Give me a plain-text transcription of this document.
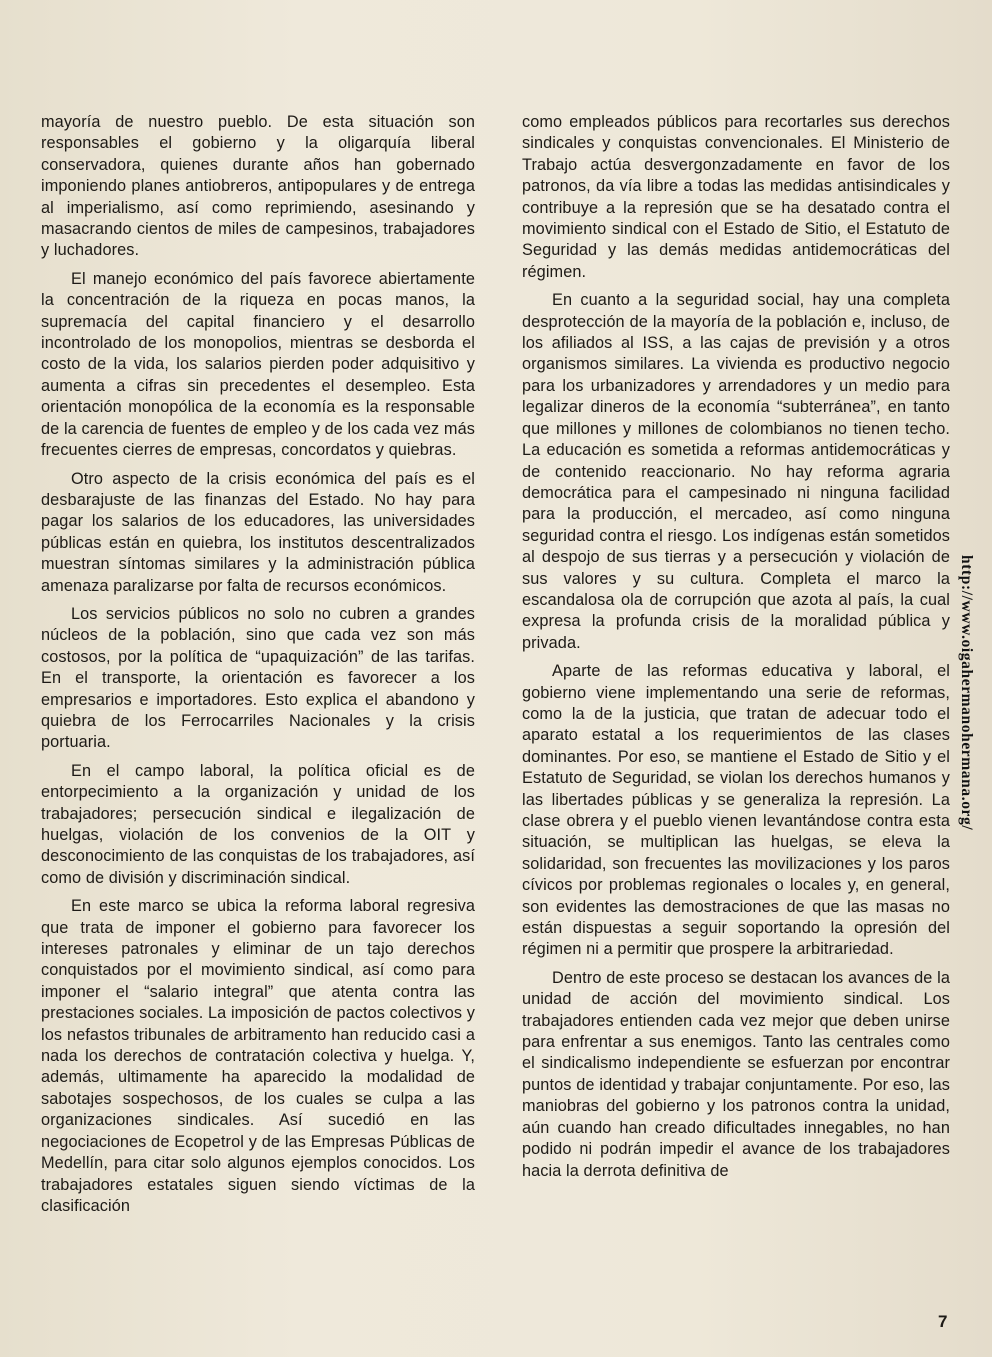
mayoría de nuestro pueblo. De esta situación son responsables el gobierno y la oligarquía liberal conservadora, quienes durante años han gobernado imponiendo planes antiobreros, antipopulares y de entrega al imperialismo, así como reprimiendo, asesinando y masacrando cientos de miles de campesinos, trabajadores y luchadores.

El manejo económico del país favorece abiertamente la concentración de la riqueza en pocas manos, la supremacía del capital financiero y el desarrollo incontrolado de los monopolios, mientras se desborda el costo de la vida, los salarios pierden poder adquisitivo y aumenta a cifras sin precedentes el desempleo. Esta orientación monopólica de la economía es la responsable de la carencia de fuentes de empleo y de los cada vez más frecuentes cierres de empresas, concordatos y quiebras.

Otro aspecto de la crisis económica del país es el desbarajuste de las finanzas del Estado. No hay para pagar los salarios de los educadores, las universidades públicas están en quiebra, los institutos descentralizados muestran síntomas similares y la administración pública amenaza paralizarse por falta de recursos económicos.

Los servicios públicos no solo no cubren a grandes núcleos de la población, sino que cada vez son más costosos, por la política de “upaquización” de las tarifas. En el transporte, la orientación es favorecer a los empresarios e importadores. Esto explica el abandono y quiebra de los Ferrocarriles Nacionales y la crisis portuaria.

En el campo laboral, la política oficial es de entorpecimiento a la organización y unidad de los trabajadores; persecución sindical e ilegalización de huelgas, violación de los convenios de la OIT y desconocimiento de las conquistas de los trabajadores, así como de división y discriminación sindical.

En este marco se ubica la reforma laboral regresiva que trata de imponer el gobierno para favorecer los intereses patronales y eliminar de un tajo derechos conquistados por el movimiento sindical, así como para imponer el “salario integral” que atenta contra las prestaciones sociales. La imposición de pactos colectivos y los nefastos tribunales de arbitramento han reducido casi a nada los derechos de contratación colectiva y huelga. Y, además, ultimamente ha aparecido la modalidad de sabotajes sospechosos, de los cuales se culpa a las organizaciones sindicales. Así sucedió en las negociaciones de Ecopetrol y de las Empresas Públicas de Medellín, para citar solo algunos ejemplos conocidos. Los trabajadores estatales siguen siendo víctimas de la clasificación

como empleados públicos para recortarles sus derechos sindicales y conquistas convencionales. El Ministerio de Trabajo actúa desvergonzadamente en favor de los patronos, da vía libre a todas las medidas antisindicales y contribuye a la represión que se ha desatado contra el movimiento sindical con el Estado de Sitio, el Estatuto de Seguridad y las demás medidas antidemocráticas del régimen.

En cuanto a la seguridad social, hay una completa desprotección de la mayoría de la población e, incluso, de los afiliados al ISS, a las cajas de previsión y a otros organismos similares. La vivienda es productivo negocio para los urbanizadores y arrendadores y un medio para legalizar dineros de la economía “subterránea”, en tanto que millones y millones de colombianos no tienen techo. La educación es sometida a reformas antidemocráticas y de contenido reaccionario. No hay reforma agraria democrática para el campesinado ni ninguna facilidad para la producción, el mercadeo, así como ninguna seguridad contra el riesgo. Los indígenas están sometidos al despojo de sus tierras y a persecución y violación de sus valores y su cultura. Completa el marco la escandalosa ola de corrupción que azota al país, la cual expresa la profunda crisis de la moralidad pública y privada.

Aparte de las reformas educativa y laboral, el gobierno viene implementando una serie de reformas, como la de la justicia, que tratan de adecuar todo el aparato estatal a los requerimientos de las clases dominantes. Por eso, se mantiene el Estado de Sitio y el Estatuto de Seguridad, se violan los derechos humanos y las libertades públicas y se generaliza la represión. La clase obrera y el pueblo vienen levantándose contra esta situación, se multiplican las huelgas, se eleva la solidaridad, son frecuentes las movilizaciones y los paros cívicos por problemas regionales o locales y, en general, son evidentes las demostraciones de que las masas no están dispuestas a seguir soportando la opresión del régimen ni a permitir que prospere la arbitrariedad.

Dentro de este proceso se destacan los avances de la unidad de acción del movimiento sindical. Los trabajadores entienden cada vez mejor que deben unirse para enfrentar a sus enemigos. Tanto las centrales como el sindicalismo independiente se esfuerzan por encontrar puntos de identidad y trabajar conjuntamente. Por eso, las maniobras del gobierno y los patronos contra la unidad, aún cuando han creado dificultades innegables, no han podido ni podrán impedir el avance de los trabajadores hacia la derrota definitiva de

http://www.oigahermanohermana.org/
7
